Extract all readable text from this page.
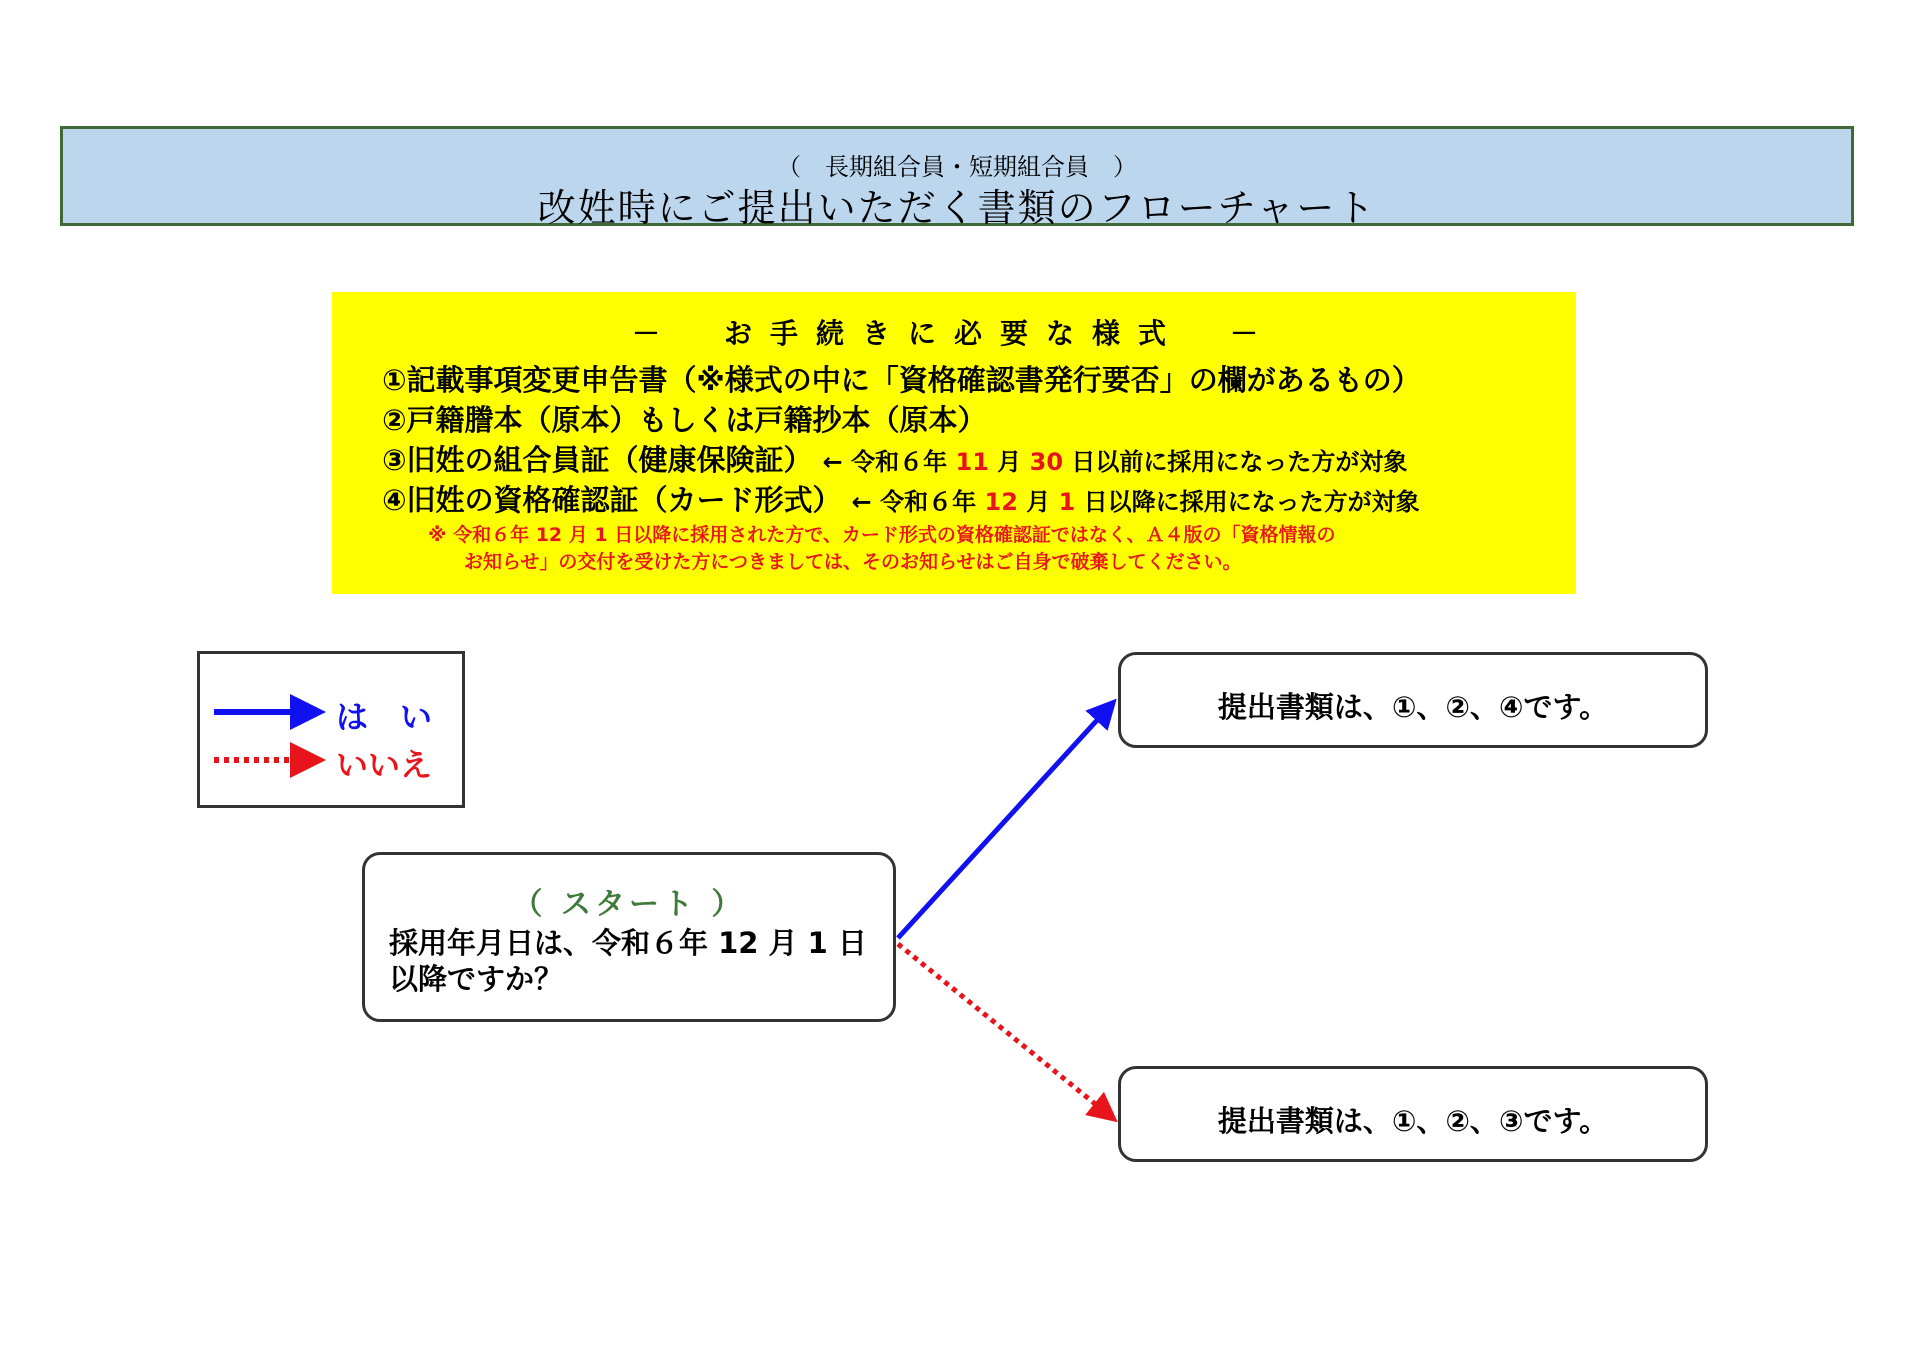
（　長期組合員・短期組合員　）
改姓時にご提出いただく書類のフローチャート
－　お手続きに必要な様式　－
①記載事項変更申告書（※様式の中に「資格確認書発行要否」の欄があるもの）
②戸籍謄本（原本）もしくは戸籍抄本（原本）
③旧姓の組合員証（健康保険証） ← 令和６年 11 月 30 日以前に採用になった方が対象
④旧姓の資格確認証（カード形式） ← 令和６年 12 月 1 日以降に採用になった方が対象
※ 令和６年 12 月 1 日以降に採用された方で、カード形式の資格確認証ではなく、Ａ４版の「資格情報の
お知らせ」の交付を受けた方につきましては、そのお知らせはご自身で破棄してください。
は　い
いいえ
（ スタート ）
採用年月日は、令和６年 12 月 1 日以降ですか？
提出書類は、①、②、④です。
提出書類は、①、②、③です。
